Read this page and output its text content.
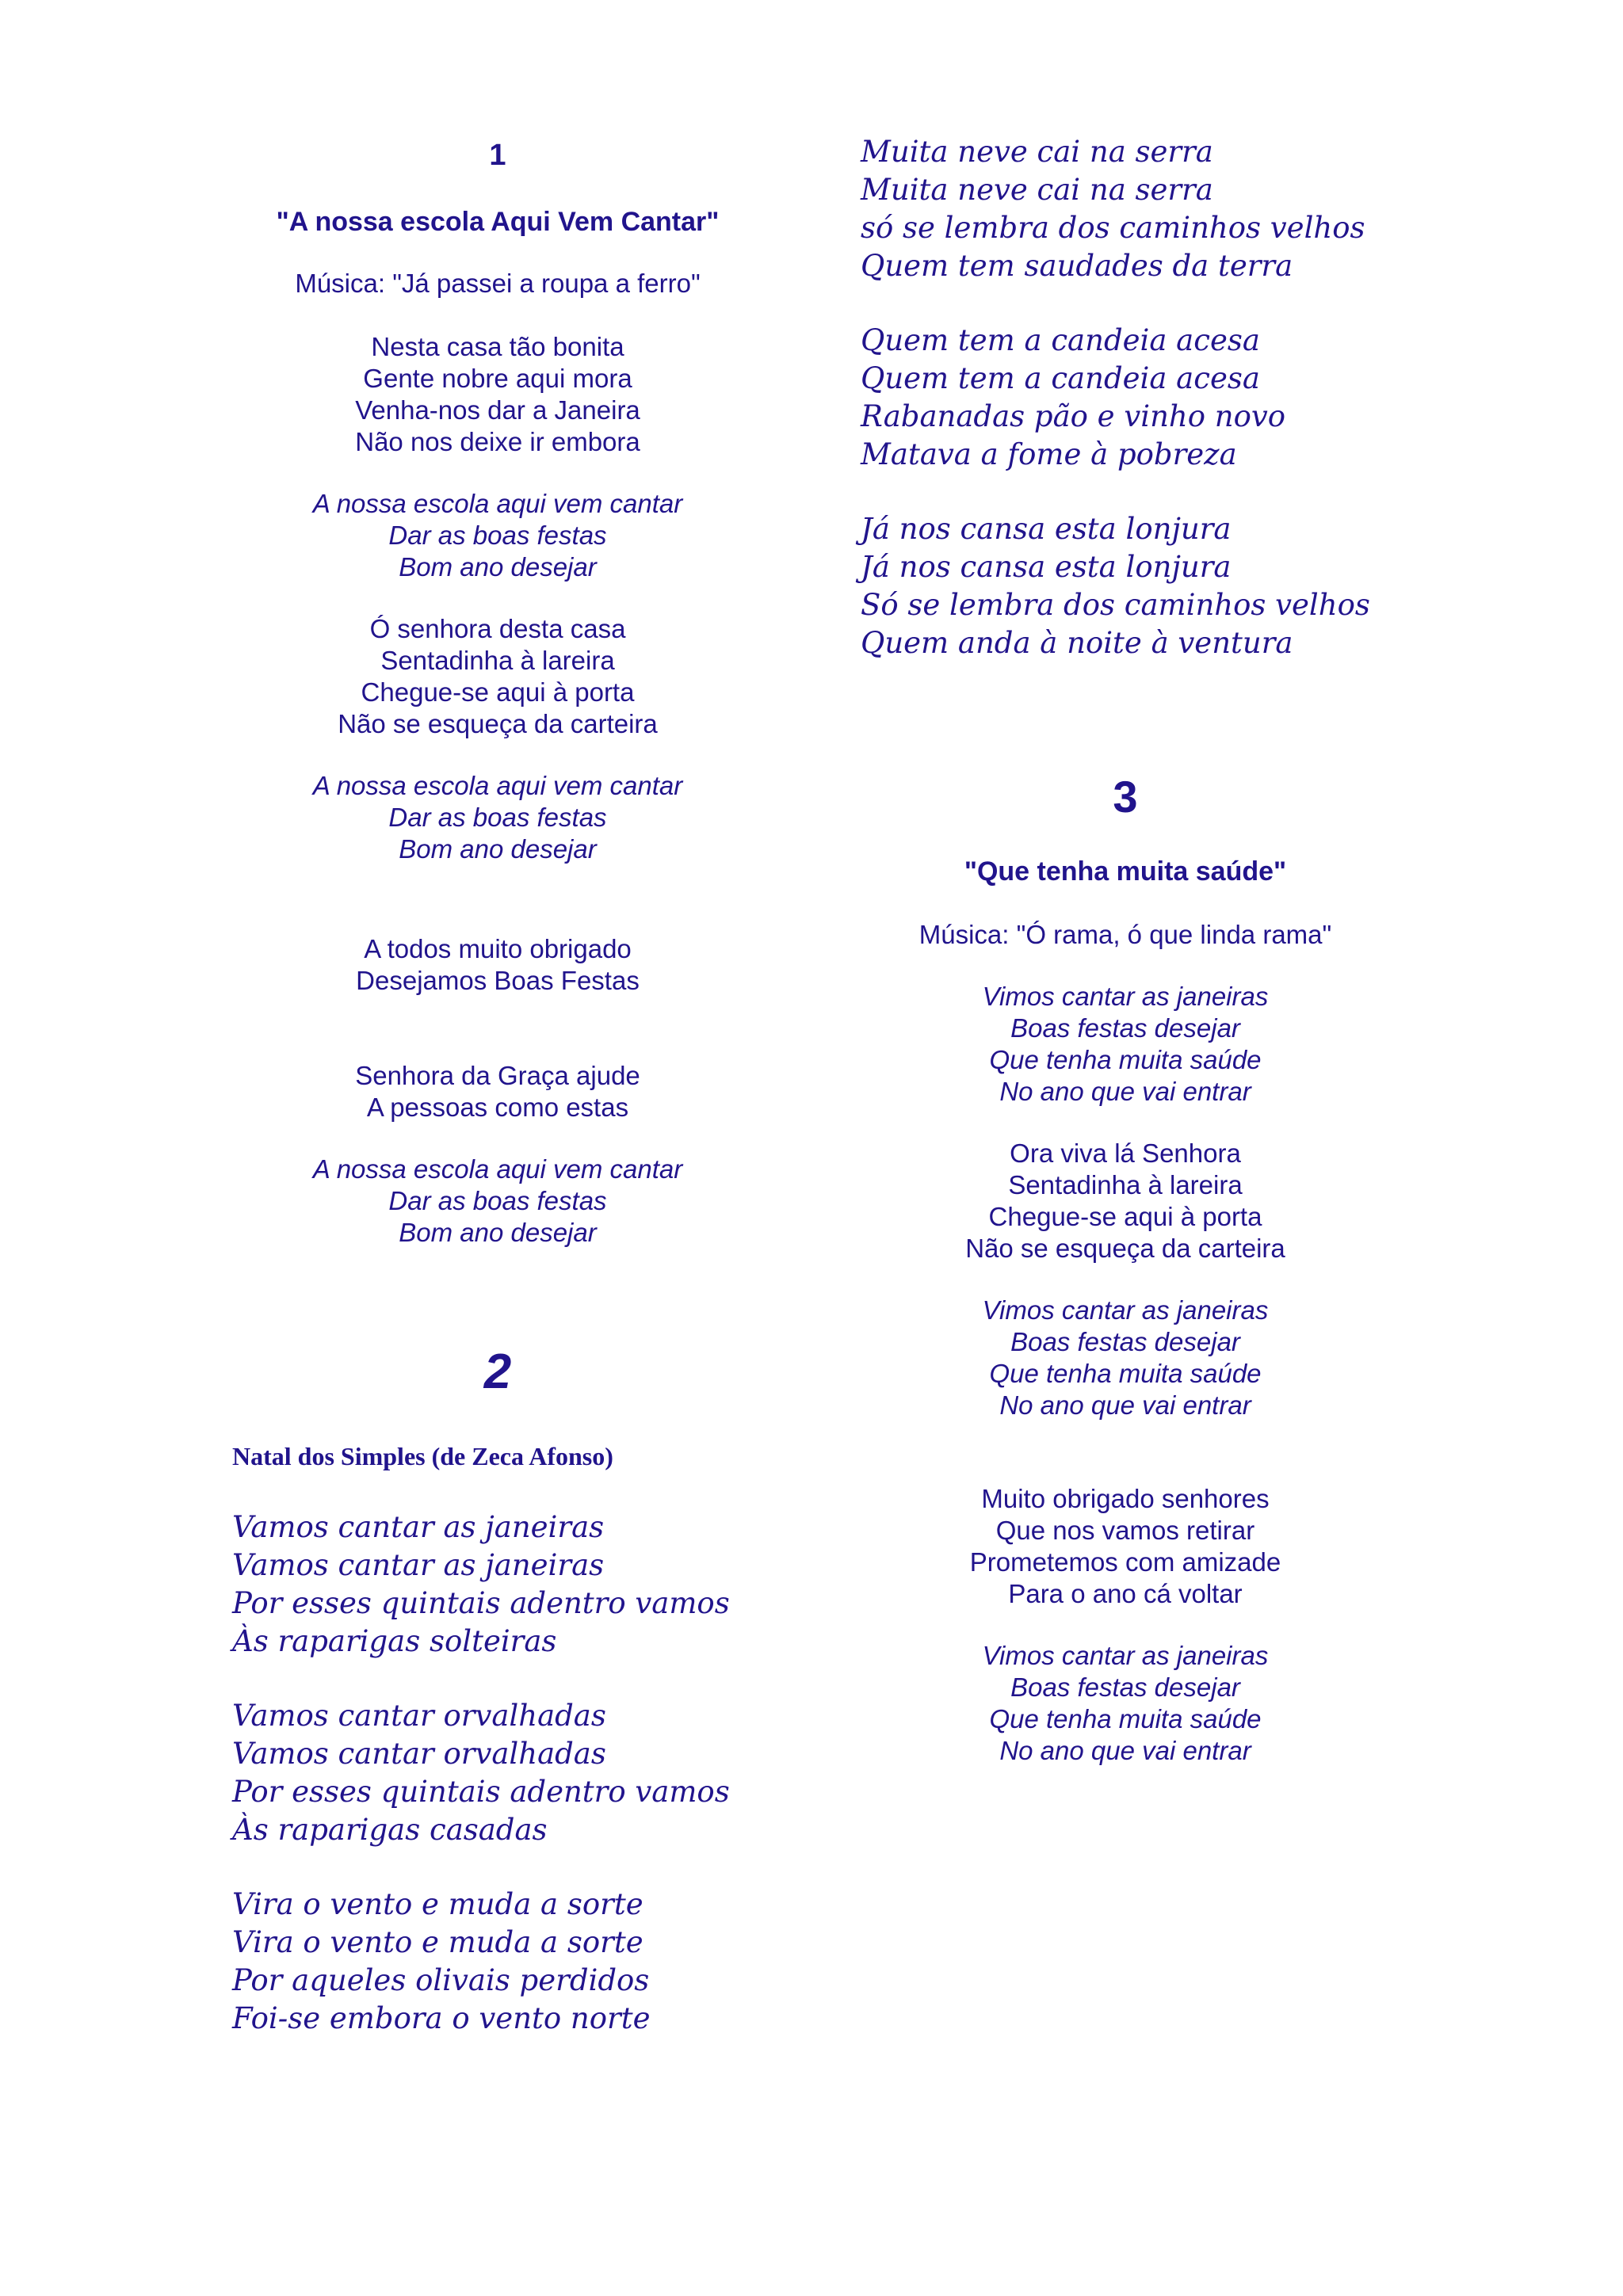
1
"A nossa escola Aqui Vem Cantar"
Música: "Já passei a roupa a ferro"
Nesta casa tão bonita
Gente nobre aqui mora
Venha-nos dar a Janeira
Não nos deixe ir embora
A nossa escola aqui vem cantar
Dar as boas festas
Bom ano desejar
Ó senhora desta casa
Sentadinha à lareira
Chegue-se aqui à porta
Não se esqueça da carteira
A nossa escola aqui vem cantar
Dar as boas festas
Bom ano desejar
A todos muito obrigado
Desejamos Boas Festas
Senhora da Graça ajude
A pessoas como estas
A nossa escola aqui vem cantar
Dar as boas festas
Bom ano desejar
2
Natal dos Simples (de Zeca Afonso)
Vamos cantar as janeiras
Vamos cantar as janeiras
Por esses quintais adentro vamos
Às raparigas solteiras
Vamos cantar orvalhadas
Vamos cantar orvalhadas
Por esses quintais adentro vamos
Às raparigas casadas
Vira o vento e muda a sorte
Vira o vento e muda a sorte
Por aqueles olivais perdidos
Foi-se embora o vento norte
Muita neve cai na serra
Muita neve cai na serra
só se lembra dos caminhos velhos
Quem tem saudades da terra
Quem tem a candeia acesa
Quem tem a candeia acesa
Rabanadas pão e vinho novo
Matava a fome à pobreza
Já nos cansa esta lonjura
Já nos cansa esta lonjura
Só se lembra dos caminhos velhos
Quem anda à noite à ventura
3
"Que tenha muita saúde"
Música: "Ó rama, ó que linda rama"
Vimos cantar as janeiras
Boas festas desejar
Que tenha muita saúde
No ano que vai entrar
Ora viva lá Senhora
Sentadinha à lareira
Chegue-se aqui à porta
Não se esqueça da carteira
Vimos cantar as janeiras
Boas festas desejar
Que tenha muita saúde
No ano que vai entrar
Muito obrigado senhores
Que nos vamos retirar
Prometemos com amizade
Para o ano cá voltar
Vimos cantar as janeiras
Boas festas desejar
Que tenha muita saúde
No ano que vai entrar
